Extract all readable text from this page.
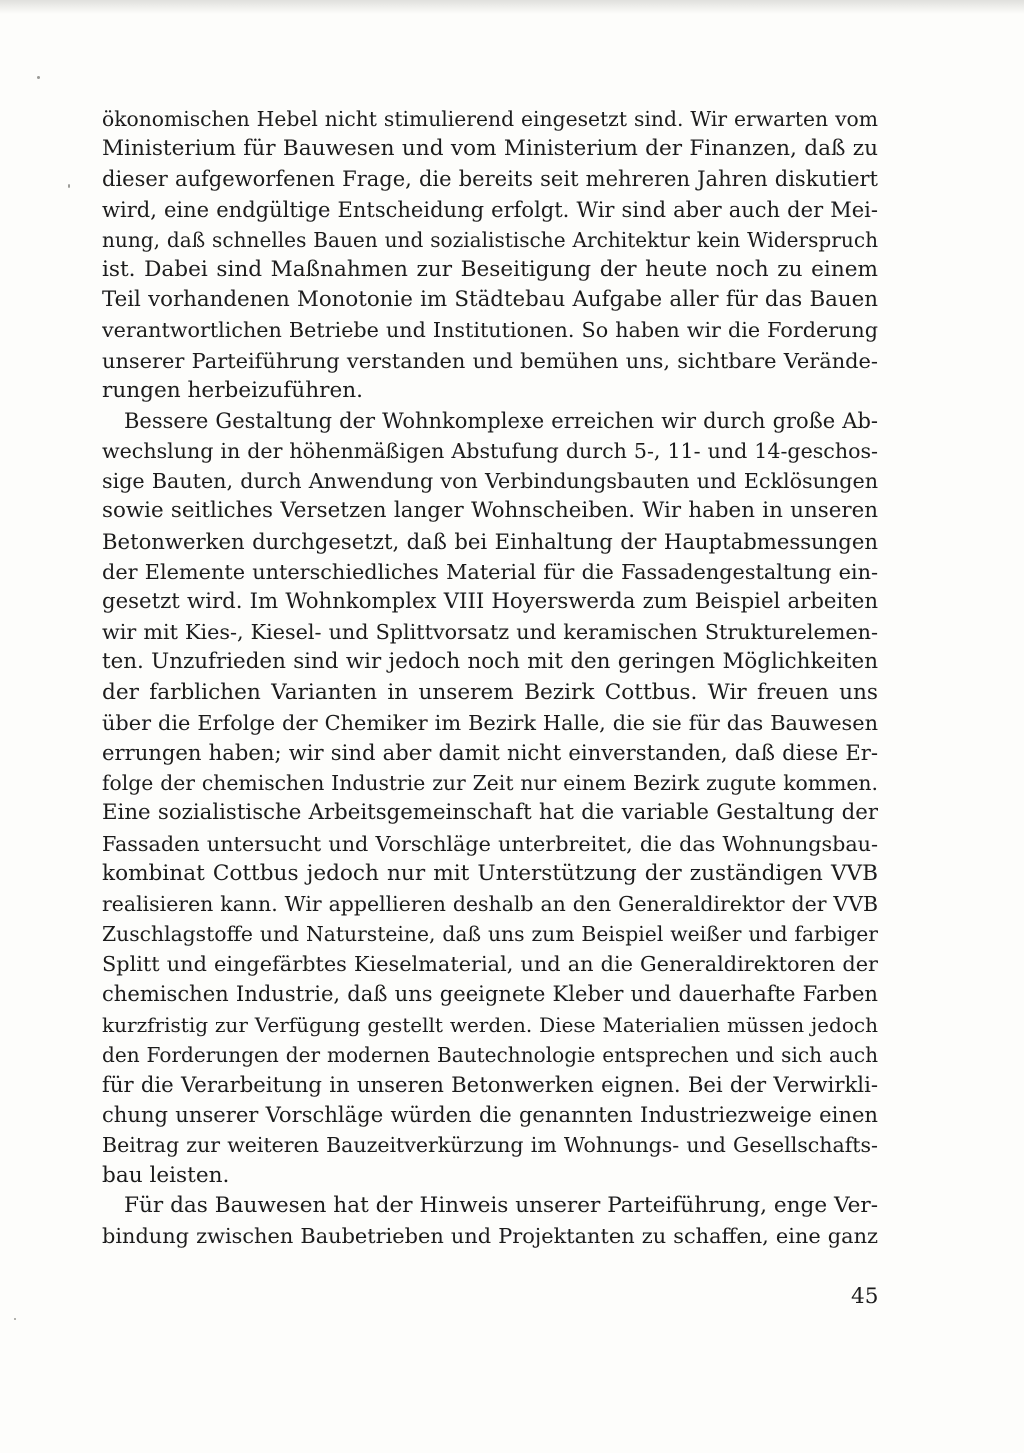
ökonomischen Hebel nicht stimulierend eingesetzt sind. Wir erwarten vom
Ministerium für Bauwesen und vom Ministerium der Finanzen, daß zu
dieser aufgeworfenen Frage, die bereits seit mehreren Jahren diskutiert
wird, eine endgültige Entscheidung erfolgt. Wir sind aber auch der Mei-
nung, daß schnelles Bauen und sozialistische Architektur kein Widerspruch
ist. Dabei sind Maßnahmen zur Beseitigung der heute noch zu einem
Teil vorhandenen Monotonie im Städtebau Aufgabe aller für das Bauen
verantwortlichen Betriebe und Institutionen. So haben wir die Forderung
unserer Parteiführung verstanden und bemühen uns, sichtbare Verände-
rungen herbeizuführen.
Bessere Gestaltung der Wohnkomplexe erreichen wir durch große Ab-
wechslung in der höhenmäßigen Abstufung durch 5-, 11- und 14-geschos-
sige Bauten, durch Anwendung von Verbindungsbauten und Ecklösungen
sowie seitliches Versetzen langer Wohnscheiben. Wir haben in unseren
Betonwerken durchgesetzt, daß bei Einhaltung der Hauptabmessungen
der Elemente unterschiedliches Material für die Fassadengestaltung ein-
gesetzt wird. Im Wohnkomplex VIII Hoyerswerda zum Beispiel arbeiten
wir mit Kies-, Kiesel- und Splittvorsatz und keramischen Strukturelemen-
ten. Unzufrieden sind wir jedoch noch mit den geringen Möglichkeiten
der farblichen Varianten in unserem Bezirk Cottbus. Wir freuen uns
über die Erfolge der Chemiker im Bezirk Halle, die sie für das Bauwesen
errungen haben; wir sind aber damit nicht einverstanden, daß diese Er-
folge der chemischen Industrie zur Zeit nur einem Bezirk zugute kommen.
Eine sozialistische Arbeitsgemeinschaft hat die variable Gestaltung der
Fassaden untersucht und Vorschläge unterbreitet, die das Wohnungsbau-
kombinat Cottbus jedoch nur mit Unterstützung der zuständigen VVB
realisieren kann. Wir appellieren deshalb an den Generaldirektor der VVB
Zuschlagstoffe und Natursteine, daß uns zum Beispiel weißer und farbiger
Splitt und eingefärbtes Kieselmaterial, und an die Generaldirektoren der
chemischen Industrie, daß uns geeignete Kleber und dauerhafte Farben
kurzfristig zur Verfügung gestellt werden. Diese Materialien müssen jedoch
den Forderungen der modernen Bautechnologie entsprechen und sich auch
für die Verarbeitung in unseren Betonwerken eignen. Bei der Verwirkli-
chung unserer Vorschläge würden die genannten Industriezweige einen
Beitrag zur weiteren Bauzeitverkürzung im Wohnungs- und Gesellschafts-
bau leisten.
Für das Bauwesen hat der Hinweis unserer Parteiführung, enge Ver-
bindung zwischen Baubetrieben und Projektanten zu schaffen, eine ganz
45
